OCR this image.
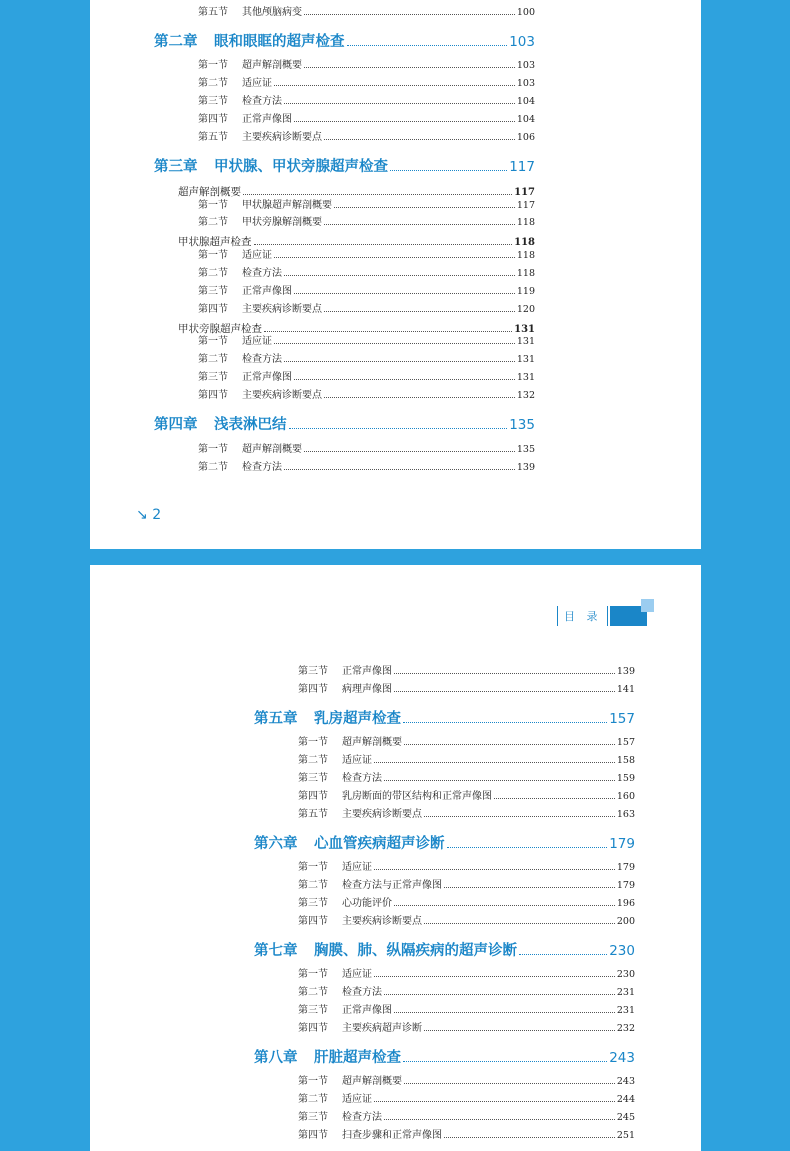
第五节	其他颅脑病变	100
第二章	眼和眼眶的超声检查	103
第一节	超声解剖概要	103
第二节	适应证	103
第三节	检查方法	104
第四节	正常声像图	104
第五节	主要疾病诊断要点	106
第三章	甲状腺、甲状旁腺超声检查	117
超声解剖概要	117
第一节	甲状腺超声解剖概要	117
第二节	甲状旁腺解剖概要	118
甲状腺超声检查	118
第一节	适应证	118
第二节	检查方法	118
第三节	正常声像图	119
第四节	主要疾病诊断要点	120
甲状旁腺超声检查	131
第一节	适应证	131
第二节	检查方法	131
第三节	正常声像图	131
第四节	主要疾病诊断要点	132
第四章	浅表淋巴结	135
第一节	超声解剖概要	135
第二节	检查方法	139
↘ 2
目 录
第三节	正常声像图	139
第四节	病理声像图	141
第五章	乳房超声检查	157
第一节	超声解剖概要	157
第二节	适应证	158
第三节	检查方法	159
第四节	乳房断面的带区结构和正常声像图	160
第五节	主要疾病诊断要点	163
第六章	心血管疾病超声诊断	179
第一节	适应证	179
第二节	检查方法与正常声像图	179
第三节	心功能评价	196
第四节	主要疾病诊断要点	200
第七章	胸膜、肺、纵隔疾病的超声诊断	230
第一节	适应证	230
第二节	检查方法	231
第三节	正常声像图	231
第四节	主要疾病超声诊断	232
第八章	肝脏超声检查	243
第一节	超声解剖概要	243
第二节	适应证	244
第三节	检查方法	245
第四节	扫查步骤和正常声像图	251
